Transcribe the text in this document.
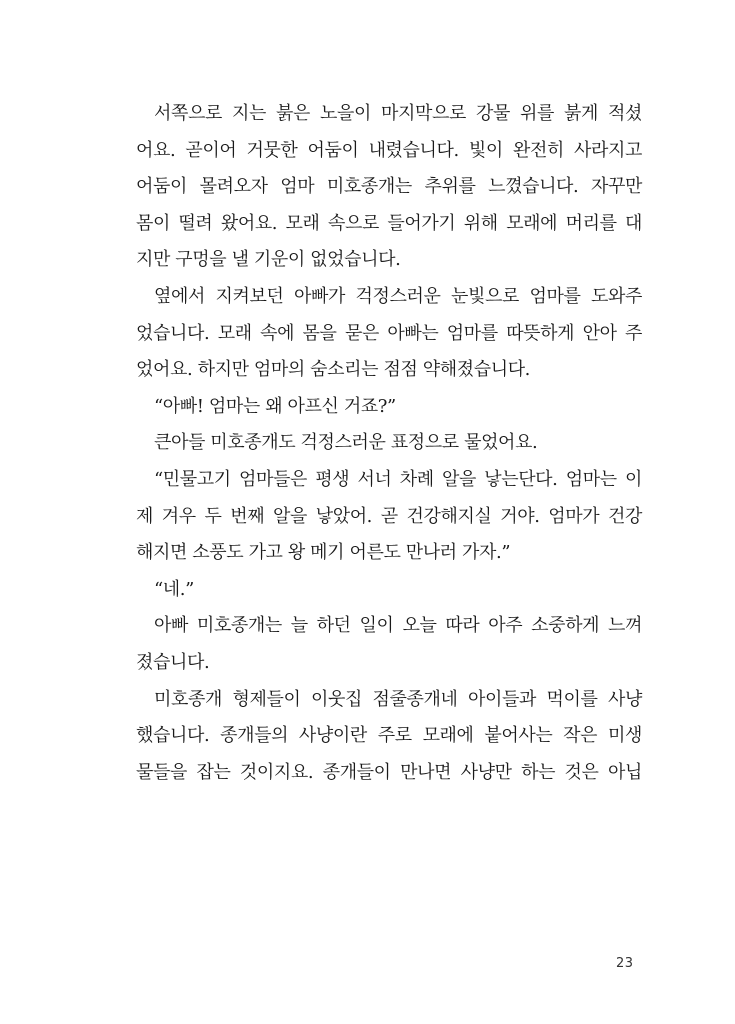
서쪽으로 지는 붉은 노을이 마지막으로 강물 위를 붉게 적셨
어요. 곧이어 거뭇한 어둠이 내렸습니다. 빛이 완전히 사라지고
어둠이 몰려오자 엄마 미호종개는 추위를 느꼈습니다. 자꾸만
몸이 떨려 왔어요. 모래 속으로 들어가기 위해 모래에 머리를 대
지만 구멍을 낼 기운이 없었습니다.
옆에서 지켜보던 아빠가 걱정스러운 눈빛으로 엄마를 도와주
었습니다. 모래 속에 몸을 묻은 아빠는 엄마를 따뜻하게 안아 주
었어요. 하지만 엄마의 숨소리는 점점 약해졌습니다.
“아빠! 엄마는 왜 아프신 거죠?”
큰아들 미호종개도 걱정스러운 표정으로 물었어요.
“민물고기 엄마들은 평생 서너 차례 알을 낳는단다. 엄마는 이
제 겨우 두 번째 알을 낳았어. 곧 건강해지실 거야. 엄마가 건강
해지면 소풍도 가고 왕 메기 어른도 만나러 가자.”
“네.”
아빠 미호종개는 늘 하던 일이 오늘 따라 아주 소중하게 느껴
졌습니다.
미호종개 형제들이 이웃집 점줄종개네 아이들과 먹이를 사냥
했습니다. 종개들의 사냥이란 주로 모래에 붙어사는 작은 미생
물들을 잡는 것이지요. 종개들이 만나면 사냥만 하는 것은 아닙
23
